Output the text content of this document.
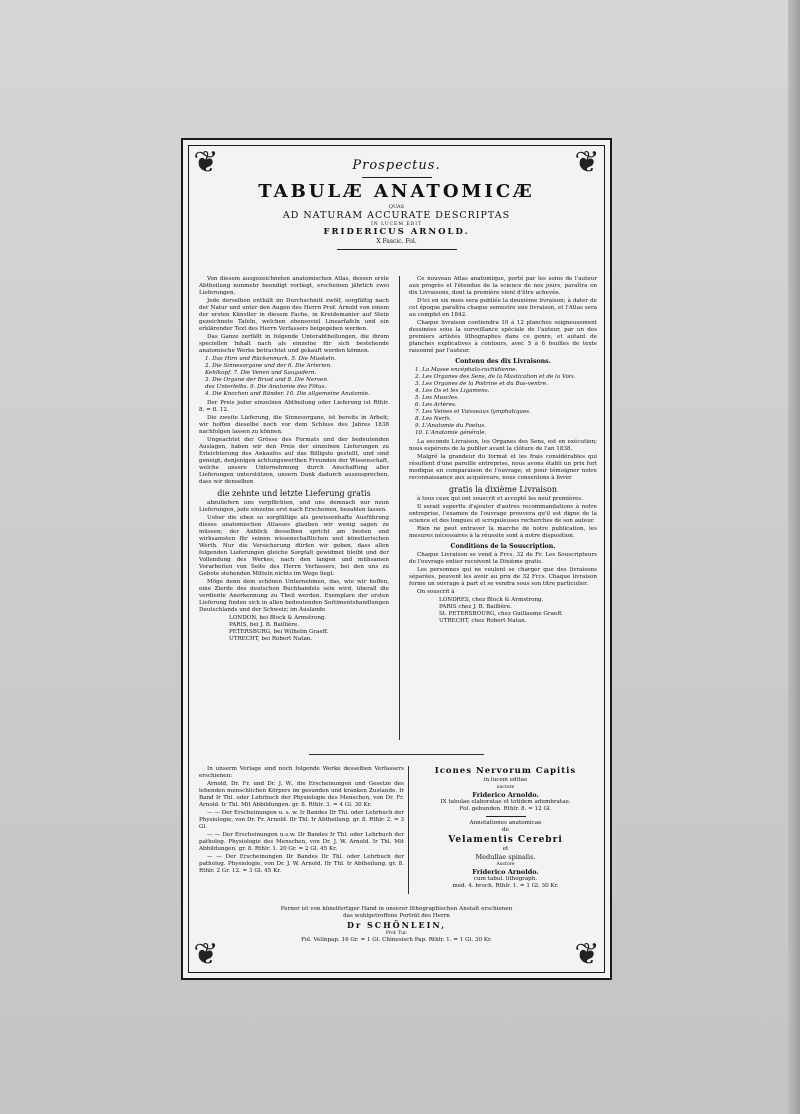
❦	❦
❦	❦
Prospectus.
TABULÆ ANATOMICÆ
QUAS
AD NATURAM ACCURATE DESCRIPTAS
IN LUCEM EDIT
FRIDERICUS ARNOLD.
X Fascic. Fol.

Von diesem ausgezeichneten anatomischen Atlas, dessen erste Abtheilung nunmehr beendigt vorliegt, erscheinen jährlich zwei Lieferungen.

Jede derselben enthält im Durchschnitt zwölf, sorgfältig nach der Natur und unter den Augen des Herrn Prof. Arnold von einem der ersten Künstler in diesem Fache, in Kreidemanier auf Stein gezeichnete Tafeln, welchen ebensoviel Linearfafeln und ein erklärender Text des Herrn Verfassers beigegeben werden.

Das Ganze zerfällt in folgende Unterabtheilungen, die ihrem speciellen Inhalt nach als einzelne für sich bestehende anatomische Werke betrachtet und gekauft werden können.

1. Das Hirn und Rückenmark. 5. Die Muskeln.
2. Die Sinnesorgane und der 6. Die Arterien.
Kehlkopf. 7. Die Venen und Saugadern.
3. Die Organe der Brust und 8. Die Nerven.
des Unterleibs. 9. Die Anatomie des Fötus.
4. Die Knochen und Bänder. 10. Die allgemeine Anatomie.

Der Preis jeder einzelnen Abtheilung oder Lieferung ist Rthlr. 8. = fl. 12.

Die zweite Lieferung, die Sinnesorgane, ist bereits in Arbeit; wir hoffen dieselbe noch vor dem Schluss des Jahres 1838 nachfolgen lassen zu können.

Ungeachtet der Grösse des Formats und der bedeutenden Auslagen, haben wir den Preis der einzelnen Lieferungen zu Erleichterung des Ankaufes auf das Billigste gestellt, und sind geneigt, denjenigen achtungswerthen Freunden der Wissenschaft, welche unsere Unternehmung durch Anschaffung aller Lieferungen unterstützen, unsern Dank dadurch auszusprechen, dass wir denselben

die zehnte und letzte Lieferung gratis

abzuliefern uns verpflichten, und uns demnach nur neun Lieferungen, jede einzelne erst nach Erscheinen, bezahlen lassen.

Ueber die eben so sorgfältige als gewissenhafte Ausführung dieses anatomischen Atlasses glauben wir wenig sagen zu müssen; der Anblick desselben spricht am besten und wirksamsten für seinen wissenschaftlichen und künstlerischen Werth. Nur die Versicherung dürfen wir geben, dass allen folgenden Lieferungen gleiche Sorgfalt gewidmet bleibt und der Vollendung des Werkes, nach den langen und mühsamen Vorarbeiten von Seite des Herrn Verfassers, bei den uns zu Gebote stehenden Mitteln nichts im Wege liegt.

Möge denn dem schönen Unternehmen, das, wie wir hoffen, eine Zierde des deutschen Buchhandels sein wird, überall die verdiente Anerkennung zu Theil werden. Exemplare der ersten Lieferung finden sich in allen bedeutenden Sortimentshandlungen Deutschlands und der Schweiz; im Auslande

LONDON, bei Block & Armstrong.
PARIS, bei J. B. Baillière.
PETERSBURG, bei Wilhelm Graeff.
UTRECHT, bei Robert Natan.

Ce nouveau Atlas anatomique, porté par les soins de l'auteur aux progrès et l'étendue de la science de nos jours, paraîtra en dix Livraisons, dont la première vient d'être achevée.

D'ici en six mois sera publiée la deuxième livraison; à dater de cet époque paraîtra chaque semestre une livraison, et l'Atlas sera au complet en 1842.

Chaque livraison contiendra 10 à 12 planches soigneusement dessinées sous la surveillance spéciale de l'auteur, par un des premiers artistes lithographes dans ce genre, et autant de planches explicatives à contours, avec 5 à 6 feuilles de texte raisonné par l'auteur.

Contenu des dix Livraisons.
1. La Masse encéphalo-rachidienne.
2. Les Organes des Sens, de la Mastication et de la Voix.
3. Les Organes de la Poitrine et du Bas-ventre.
4. Les Os et les Ligamens.
5. Les Muscles.
6. Les Artères.
7. Les Veines et Vaisseaux lymphatiques.
8. Les Nerfs.
9. L'Anatomie du Foetus.
10. L'Anatomie générale.

La seconde Livraison, les Organes des Sens, est en exécution; nous espérons de la publier avant la clôture de l'an 1838.

Malgré la grandeur du format et les frais considérables qui résultent d'une pareille entreprise, nous avons établi un prix fort modique en comparaison de l'ouvrage; et pour témoigner notre reconnaissance aux acquéreurs, nous consentons à livrer

gratis la dixième Livraison

à tous ceux qui ont souscrit et accepté les neuf premières.

Il serait superflu d'ajouter d'autres recommandations à notre entreprise, l'examen de l'ouvrage prouvera qu'il est digne de la science et des longues et scrupuleuses recherches de son auteur.

Rien ne peut entraver la marche de notre publication, les mesures nécessaires à la réussite sont à notre disposition.

Conditions de la Souscription.

Chaque Livraison se vend à Frcs. 32 de Fr. Les Souscripteurs de l'ouvrage entier recoivent la Dixième gratis.

Les personnes qui ne veulent se charger que des livraisons séparées, peuvent les avoir au prix de 32 Frcs. Chaque livraison forme un ouvrage à part et se vendra sous son titre particulier.

On souscrit à

LONDRES, chez Block & Armstrong.
PARIS chez J. B. Baillière.
St. PETERSBOURG, chez Guillaume Graeff.
UTRECHT, chez Robert Natan.

In unserm Verlage sind noch folgende Werke desselben Verfassers erschienen:

Arnold, Dr. Fr. und Dr. J. W., die Erscheinungen und Gesetze des lebenden menschlichen Körpers im gesunden und kranken Zustande. Ir Band Ir Thl. oder Lehrbuch der Physiologie des Menschen, von Dr. Fr. Arnold. Ir Thl. Mit Abbildungen. gr. 8. Rthlr. 3. = 4 Gl. 30 Kr.

— — Der Erscheinungen u. s. w. Ir Bandes IIr Thl. oder Lehrbuch der Physiologie, von Dr. Fr. Arnold. IIr Thl. Ir Abtheilung. gr. 8. Rthlr. 2. = 3 Gl.

— — Der Erscheinungen u.s.w. IIr Bandes Ir Thl. oder Lehrbuch der patholog. Physiologie des Menschen, von Dr. J. W. Arnold. Ir Thl. Mit Abbildungen. gr. 8. Rthlr. 1. 20 Gr. = 2 Gl. 45 Kr.

— — Der Erscheinungen IIr Bandes IIr Thl. oder Lehrbuch der patholog. Physiologie, von Dr. J. W. Arnold. IIr Thl. Ir Abtheilung. gr. 8. Rthlr. 2 Gr. 12. = 3 Gl. 45 Kr.

Icones Nervorum Capitis
in lucem editae
auctore
Friderico Arnoldo.
IX tabulae elaboratae et totidem adumbratae.
Fol. gebunden. Rthlr. 8. = 12 Gl.
Annotationes anatomicae
de
Velamentis Cerebri
et
Medullae spinalis.
Auctore
Friderico Arnoldo.
cum tabul. lithograph.
med. 4. broch. Rthlr. 1. = 1 Gl. 30 Kr.
Ferner ist von künstfertiger Hand in unserer lithographischen Anstalt erschienen
das wohlgetroffene Porträt des Herrn
Dr SCHÖNLEIN,
Prof. Tur.
Fol. Velinpap. 16 Gr. = 1 Gl. Chinesisch Pap. Rthlr. 1. = 1 Gl. 30 Kr.
